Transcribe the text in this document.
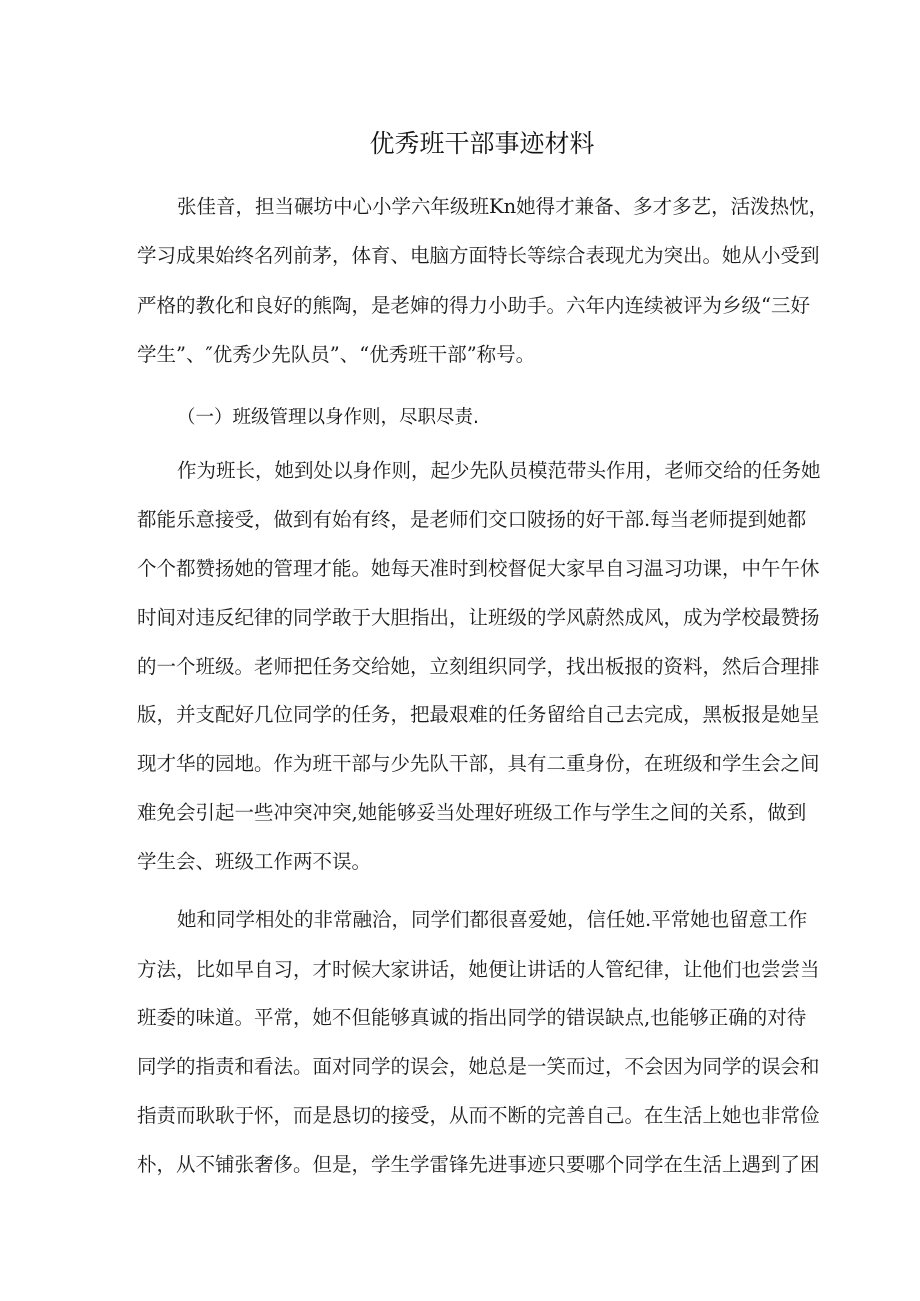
优秀班干部事迹材料
张佳音，担当碾坊中心小学六年级班Kn她得才兼备、多才多艺，活泼热忱，
学习成果始终名列前茅，体育、电脑方面特长等综合表现尤为突出。她从小受到
严格的教化和良好的熊陶，是老婶的得力小助手。六年内连续被评为乡级“三好
学生”、″优秀少先队员”、“优秀班干部”称号。
（一）班级管理以身作则，尽职尽责.
作为班长，她到处以身作则，起少先队员模范带头作用，老师交给的任务她
都能乐意接受，做到有始有终，是老师们交口陂扬的好干部.每当老师提到她都
个个都赞扬她的管理才能。她每天准时到校督促大家早自习温习功课，中午午休
时间对违反纪律的同学敢于大胆指出，让班级的学风蔚然成风，成为学校最赞扬
的一个班级。老师把任务交给她，立刻组织同学，找出板报的资料，然后合理排
版，并支配好几位同学的任务，把最艰难的任务留给自己去完成，黑板报是她呈
现才华的园地。作为班干部与少先队干部，具有二重身份，在班级和学生会之间
难免会引起一些冲突冲突,她能够妥当处理好班级工作与学生之间的关系，做到
学生会、班级工作两不误。
她和同学相处的非常融洽，同学们都很喜爱她，信任她.平常她也留意工作
方法，比如早自习，才时候大家讲话，她便让讲话的人管纪律，让他们也尝尝当
班委的味道。平常，她不但能够真诚的指出同学的错误缺点,也能够正确的对待
同学的指责和看法。面对同学的误会，她总是一笑而过，不会因为同学的误会和
指责而耿耿于怀，而是恳切的接受，从而不断的完善自己。在生活上她也非常俭
朴，从不铺张奢侈。但是，学生学雷锋先进事迹只要哪个同学在生活上遇到了困
